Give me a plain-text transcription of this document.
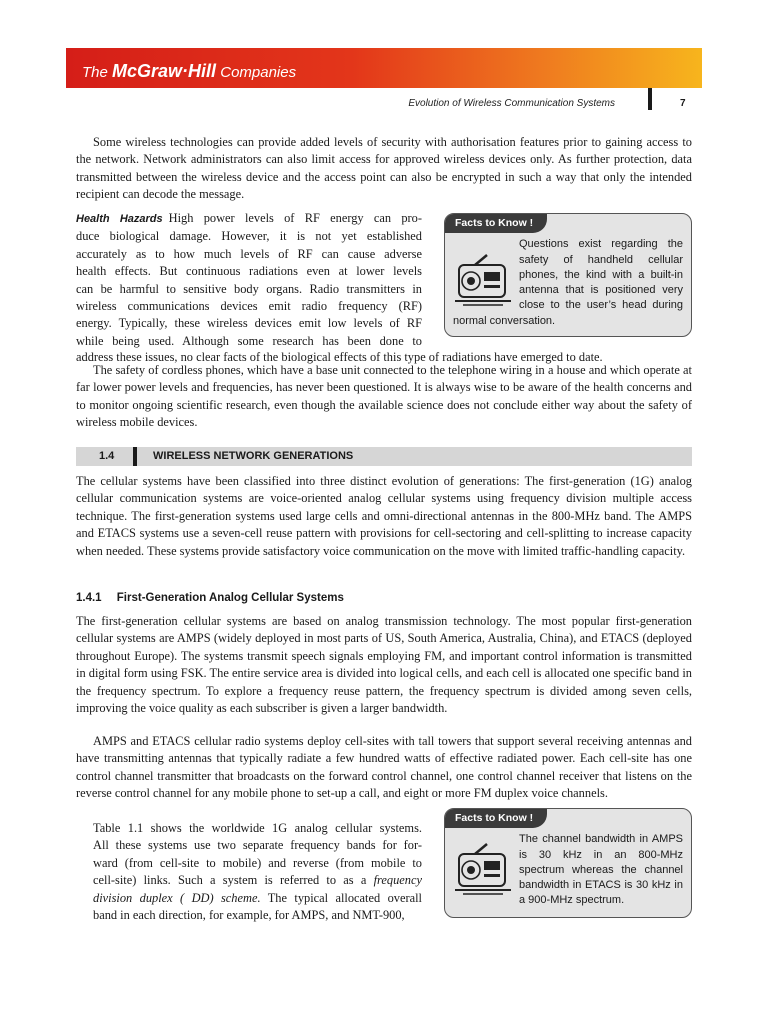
The McGraw·Hill Companies
Evolution of Wireless Communication Systems	7
Some wireless technologies can provide added levels of security with authorisation features prior to gaining access to the network. Network administrators can also limit access for approved wireless devices only. As further protection, data transmitted between the wireless device and the access point can also be encrypted in such a way that only the intended recipient can decode the message.
Health Hazards High power levels of RF energy can pro-
duce biological damage. However, it is not yet established
accurately as to how much levels of RF can cause adverse
health effects. But continuous radiations even at lower levels
can be harmful to sensitive body organs. Radio transmitters in
wireless communications devices emit radio frequency (RF)
energy. Typically, these wireless devices emit low levels of RF
while being used. Although some research has been done to
address these issues, no clear facts of the biological effects of this type of radiations have emerged to date.
Facts to Know !
Questions exist regarding the safety of handheld cellular phones, the kind with a built-in antenna that is positioned very close to the user’s head during normal conversation.
The safety of cordless phones, which have a base unit connected to the telephone wiring in a house and which operate at far lower power levels and frequencies, has never been questioned. It is always wise to be aware of the health concerns and to monitor ongoing scientific research, even though the available science does not conclude either way about the safety of wireless mobile devices.
1.4	WIRELESS NETWORK GENERATIONS
The cellular systems have been classified into three distinct evolution of generations: The first-generation (1G) analog cellular communication systems are voice-oriented analog cellular systems using frequency division multiple access technique. The first-generation systems used large cells and omni-directional antennas in the 800-MHz band. The AMPS and ETACS systems use a seven-cell reuse pattern with provisions for cell-sectoring and cell-splitting to increase capacity when needed. These systems provide satisfactory voice communication on the move with limited traffic-handling capacity.
1.4.1 First-Generation Analog Cellular Systems
The first-generation cellular systems are based on analog transmission technology. The most popular first-generation cellular systems are AMPS (widely deployed in most parts of US, South America, Australia, China), and ETACS (deployed throughout Europe). The systems transmit speech signals employing FM, and important control information is transmitted in digital form using FSK. The entire service area is divided into logical cells, and each cell is allocated one specific band in the frequency spectrum. To explore a frequency reuse pattern, the frequency spectrum is divided among seven cells, improving the voice quality as each subscriber is given a larger bandwidth.
AMPS and ETACS cellular radio systems deploy cell-sites with tall towers that support several receiving antennas and have transmitting antennas that typically radiate a few hundred watts of effective radiated power. Each cell-site has one control channel transmitter that broadcasts on the forward control channel, one control channel receiver that listens on the reverse control channel for any mobile phone to set-up a call, and eight or more FM duplex voice channels.
Table 1.1 shows the worldwide 1G analog cellular systems.
All these systems use two separate frequency bands for for-
ward (from cell-site to mobile) and reverse (from mobile to
cell-site) links. Such a system is referred to as a frequency
division duplex ( DD) scheme. The typical allocated overall
band in each direction, for example, for AMPS, and NMT-900,
Facts to Know !
The channel bandwidth in AMPS is 30 kHz in an 800-MHz spectrum whereas the channel bandwidth in ETACS is 30 kHz in a 900-MHz spectrum.
